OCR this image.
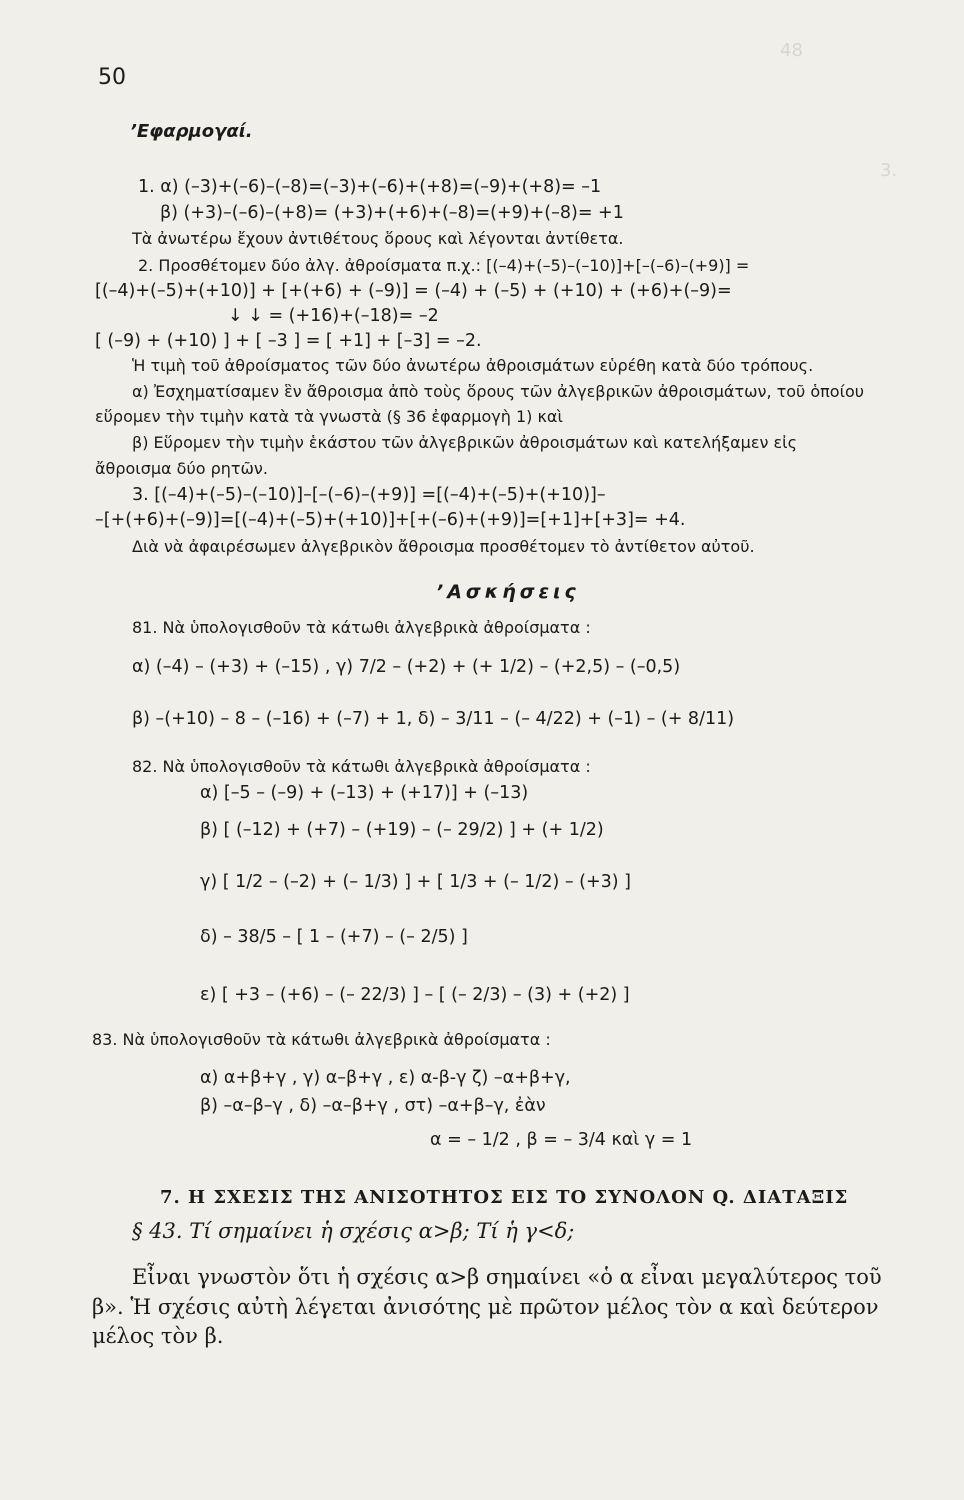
48
3.
50
’Εφαρμογαί.
1. α) (–3)+(–6)–(–8)=(–3)+(–6)+(+8)=(–9)+(+8)= –1
β) (+3)–(–6)–(+8)= (+3)+(+6)+(–8)=(+9)+(–8)= +1
Τὰ ἀνωτέρω ἔχουν ἀντιθέτους ὅρους καὶ λέγονται ἀντίθετα.
2. Προσθέτομεν δύο ἀλγ. ἀθροίσματα π.χ.: [(–4)+(–5)–(–10)]+[–(–6)–(+9)] =
[(–4)+(–5)+(+10)] + [+(+6) + (–9)] = (–4) + (–5) + (+10) + (+6)+(–9)=
↓ ↓ = (+16)+(–18)= –2
[ (–9) + (+10) ] + [ –3 ] = [ +1] + [–3] = –2.
Ἡ τιμὴ τοῦ ἀθροίσματος τῶν δύο ἀνωτέρω ἀθροισμάτων εὑρέθη κατὰ δύο τρόπους.
α) Ἐσχηματίσαμεν ἓν ἄθροισμα ἀπὸ τοὺς ὅρους τῶν ἀλγεβρικῶν ἀθροισμάτων, τοῦ ὁποίου
εὕρομεν τὴν τιμὴν κατὰ τὰ γνωστὰ (§ 36 ἐφαρμογὴ 1) καὶ
β) Εὕρομεν τὴν τιμὴν ἑκάστου τῶν ἀλγεβρικῶν ἀθροισμάτων καὶ κατελήξαμεν εἰς
ἄθροισμα δύο ρητῶν.
3. [(–4)+(–5)–(–10)]–[–(–6)–(+9)] =[(–4)+(–5)+(+10)]–
–[+(+6)+(–9)]=[(–4)+(–5)+(+10)]+[+(–6)+(+9)]=[+1]+[+3]= +4.
Διὰ νὰ ἀφαιρέσωμεν ἀλγεβρικὸν ἄθροισμα προσθέτομεν τὸ ἀντίθετον αὐτοῦ.
’Ασκήσεις
81. Νὰ ὑπολογισθοῦν τὰ κάτωθι ἀλγεβρικὰ ἀθροίσματα :
α) (–4) – (+3) + (–15) , γ) 7/2 – (+2) + (+ 1/2) – (+2,5) – (–0,5)
β) –(+10) – 8 – (–16) + (–7) + 1, δ) – 3/11 – (– 4/22) + (–1) – (+ 8/11)
82. Νὰ ὑπολογισθοῦν τὰ κάτωθι ἀλγεβρικὰ ἀθροίσματα :
α) [–5 – (–9) + (–13) + (+17)] + (–13)
β) [ (–12) + (+7) – (+19) – (– 29/2) ] + (+ 1/2)
γ) [ 1/2 – (–2) + (– 1/3) ] + [ 1/3 + (– 1/2) – (+3) ]
δ) – 38/5 – [ 1 – (+7) – (– 2/5) ]
ε) [ +3 – (+6) – (– 22/3) ] – [ (– 2/3) – (3) + (+2) ]
83. Νὰ ὑπολογισθοῦν τὰ κάτωθι ἀλγεβρικὰ ἀθροίσματα :
α) α+β+γ , γ) α–β+γ , ε) α-β-γ ζ) –α+β+γ,
β) –α–β–γ , δ) –α–β+γ , στ) –α+β–γ, ἐὰν
α = – 1/2 , β = – 3/4 καὶ γ = 1
7. Η ΣΧΕΣΙΣ ΤΗΣ ΑΝΙΣΟΤΗΤΟΣ ΕΙΣ ΤΟ ΣΥΝΟΛΟΝ Q. ΔΙΑΤΑΞΙΣ
§ 43. Τί σημαίνει ἡ σχέσις α>β; Τί ἡ γ<δ;
Εἶναι γνωστὸν ὅτι ἡ σχέσις α>β σημαίνει «ὁ α εἶναι μεγαλύτερος τοῦ
β». Ἡ σχέσις αὐτὴ λέγεται ἀνισότης μὲ πρῶτον μέλος τὸν α καὶ δεύτερον
μέλος τὸν β.
